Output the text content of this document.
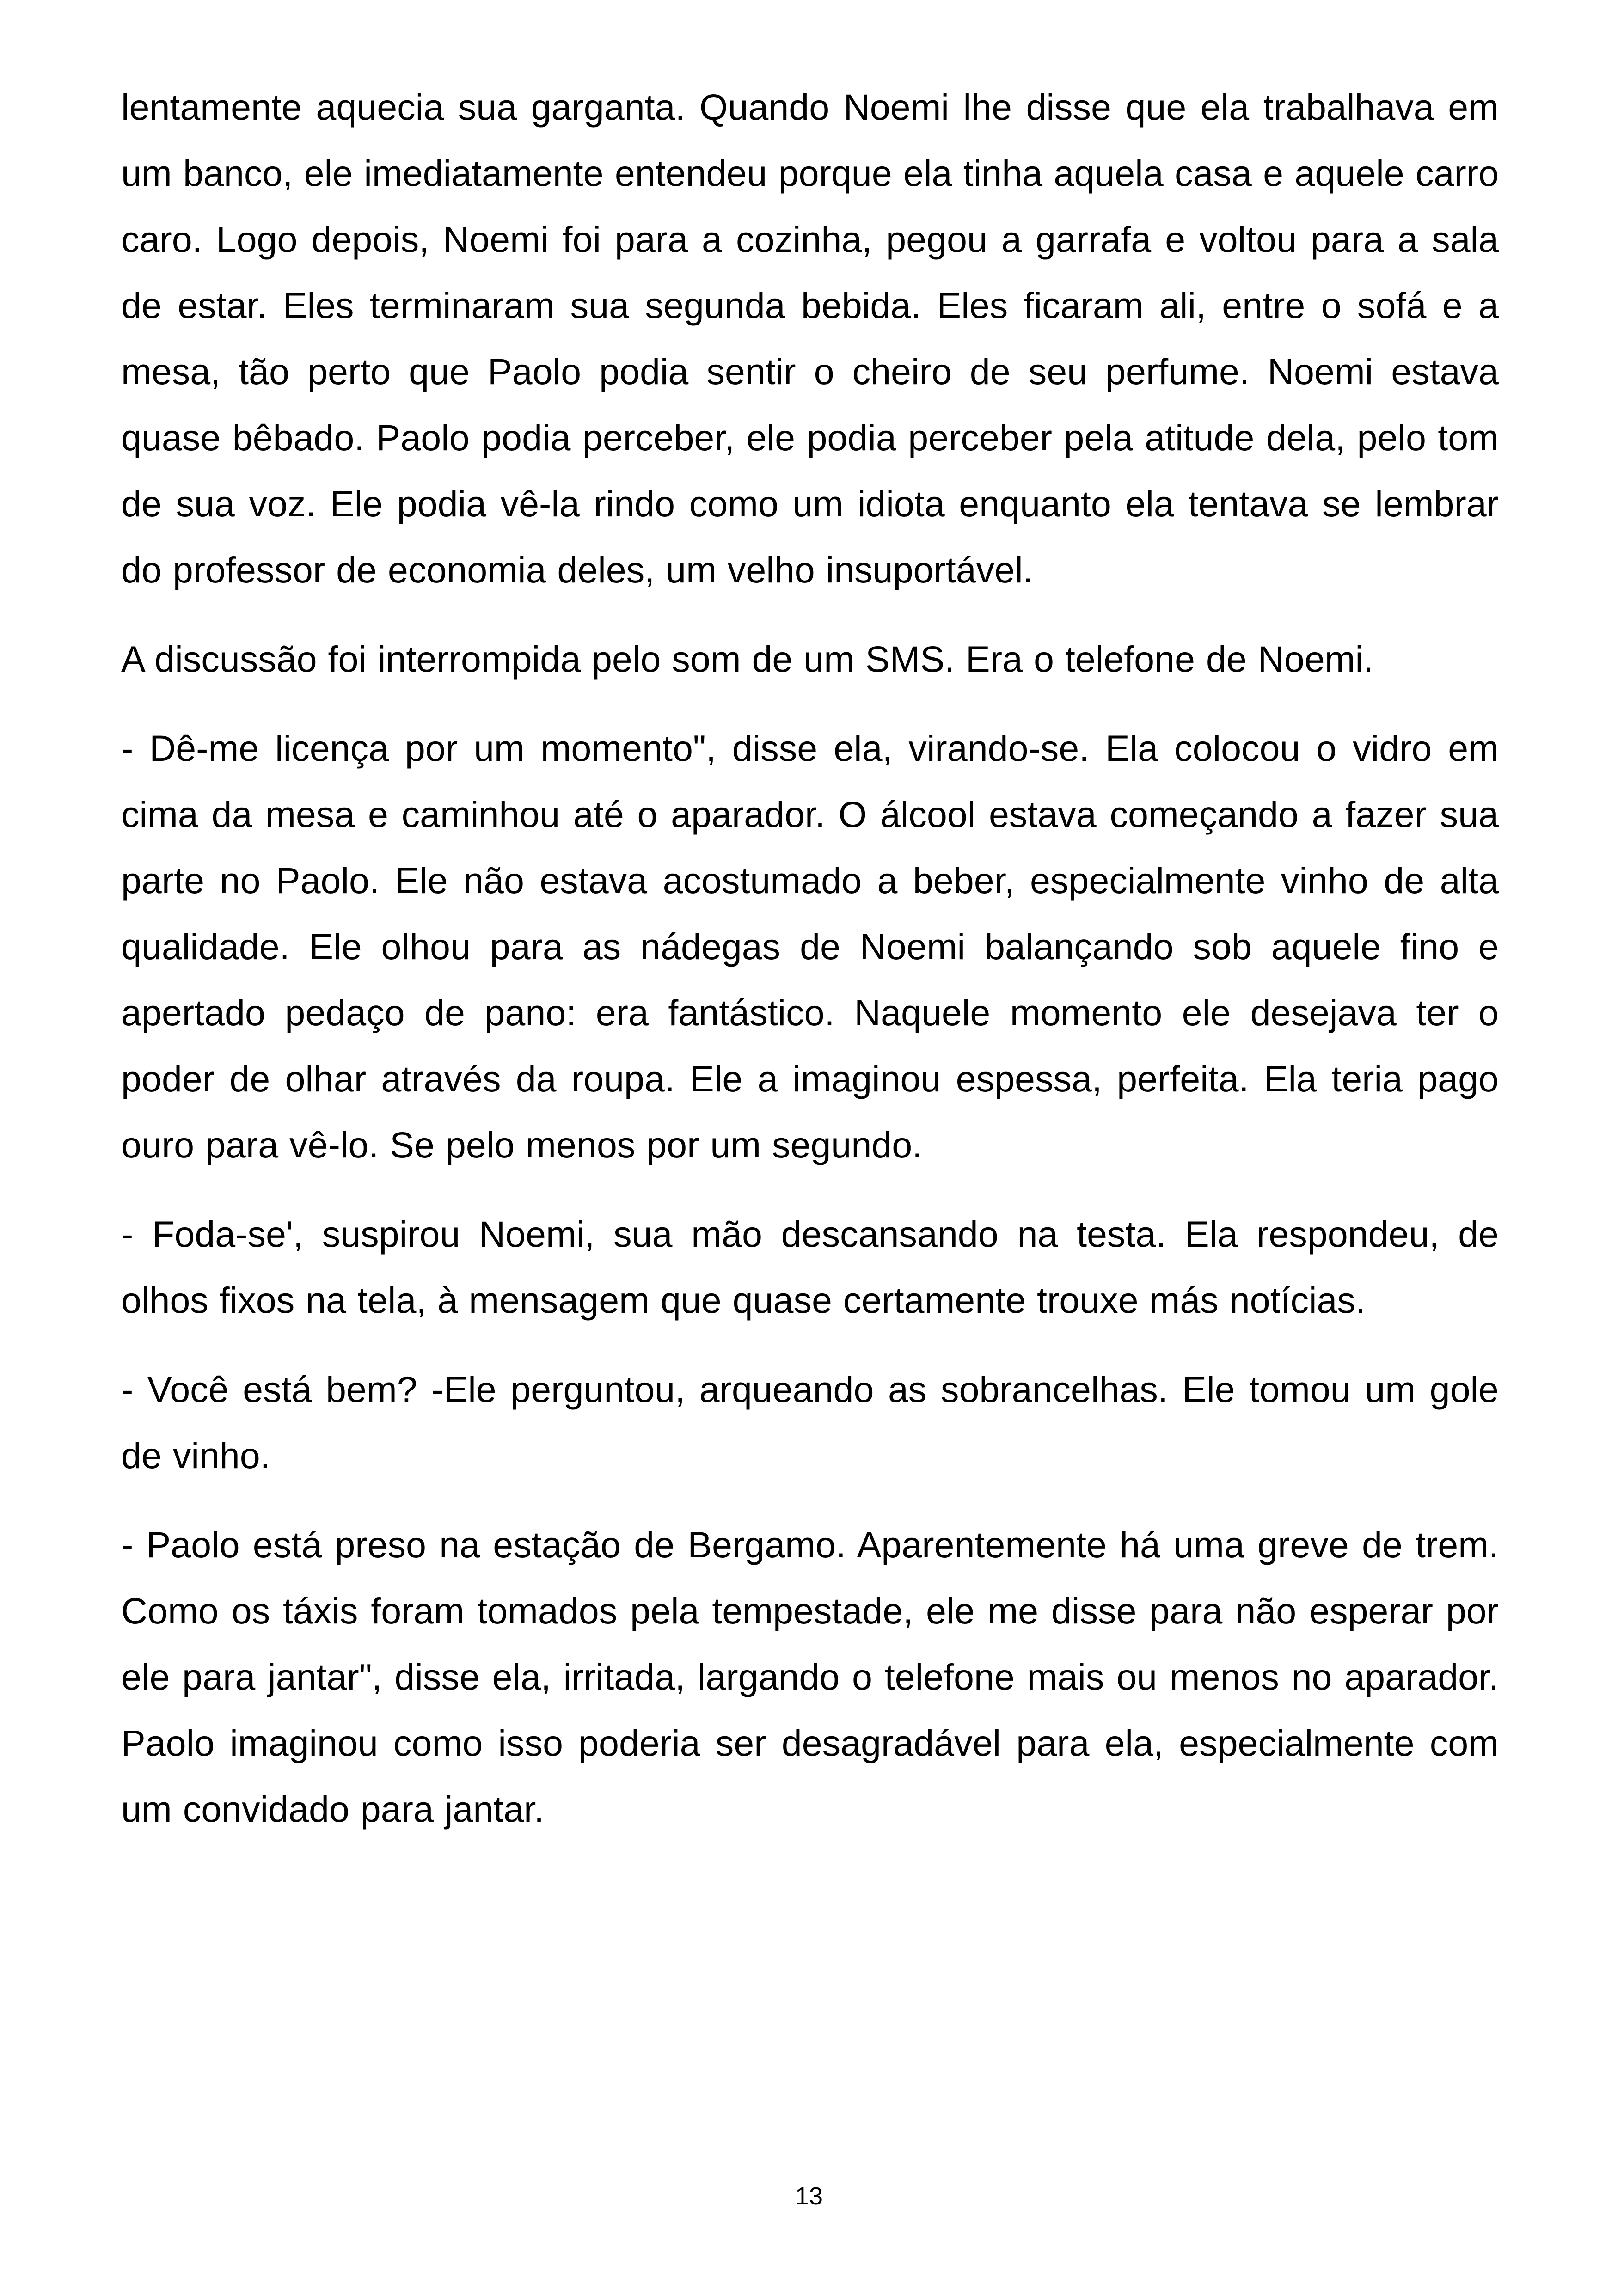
lentamente aquecia sua garganta. Quando Noemi lhe disse que ela trabalhava em um banco, ele imediatamente entendeu porque ela tinha aquela casa e aquele carro caro. Logo depois, Noemi foi para a cozinha, pegou a garrafa e voltou para a sala de estar. Eles terminaram sua segunda bebida. Eles ficaram ali, entre o sofá e a mesa, tão perto que Paolo podia sentir o cheiro de seu perfume. Noemi estava quase bêbado. Paolo podia perceber, ele podia perceber pela atitude dela, pelo tom de sua voz. Ele podia vê-la rindo como um idiota enquanto ela tentava se lembrar do professor de economia deles, um velho insuportável.

A discussão foi interrompida pelo som de um SMS. Era o telefone de Noemi.

- Dê-me licença por um momento", disse ela, virando-se. Ela colocou o vidro em cima da mesa e caminhou até o aparador. O álcool estava começando a fazer sua parte no Paolo. Ele não estava acostumado a beber, especialmente vinho de alta qualidade. Ele olhou para as nádegas de Noemi balançando sob aquele fino e apertado pedaço de pano: era fantástico. Naquele momento ele desejava ter o poder de olhar através da roupa. Ele a imaginou espessa, perfeita. Ela teria pago ouro para vê-lo. Se pelo menos por um segundo.

- Foda-se', suspirou Noemi, sua mão descansando na testa. Ela respondeu, de olhos fixos na tela, à mensagem que quase certamente trouxe más notícias.

- Você está bem? -Ele perguntou, arqueando as sobrancelhas. Ele tomou um gole de vinho.

- Paolo está preso na estação de Bergamo. Aparentemente há uma greve de trem. Como os táxis foram tomados pela tempestade, ele me disse para não esperar por ele para jantar", disse ela, irritada, largando o telefone mais ou menos no aparador. Paolo imaginou como isso poderia ser desagradável para ela, especialmente com um convidado para jantar.

13
